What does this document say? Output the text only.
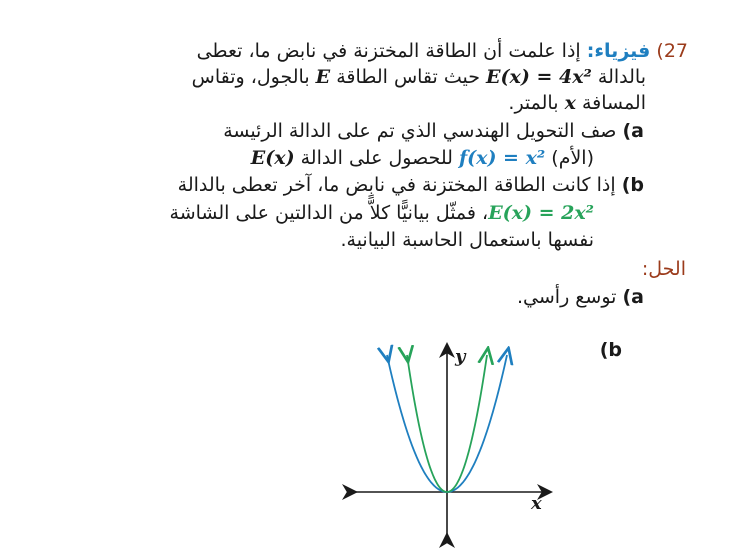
27) فيزياء: إذا علمت أن الطاقة المختزنة في نابض ما، تعطى
بالدالة E(x) = 4x² حيث تقاس الطاقة E بالجول، وتقاس
المسافة x بالمتر.
a) صف التحويل الهندسي الذي تم على الدالة الرئيسة
(الأم) f(x) = x² للحصول على الدالة E(x)
b) إذا كانت الطاقة المختزنة في نابض ما، آخر تعطى بالدالة
E(x) = 2x²، فمثّل بيانيًّا كلاًّ من الدالتين على الشاشة
نفسها باستعمال الحاسبة البيانية.
الحل:
a) توسع رأسي.
b)
x
y
